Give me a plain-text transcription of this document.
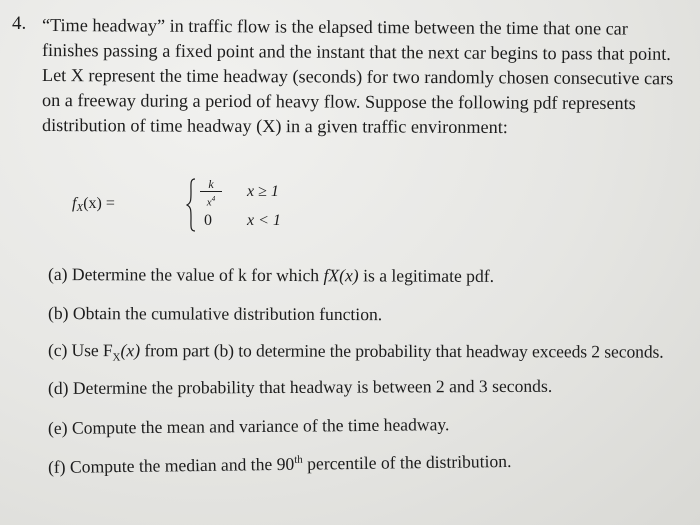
4. “Time headway” in traffic flow is the elapsed time between the time that one car
finishes passing a fixed point and the instant that the next car begins to pass that point.
Let X represent the time headway (seconds) for two randomly chosen consecutive cars
on a freeway during a period of heavy flow. Suppose the following pdf represents
distribution of time headway (X) in a given traffic environment:
$f_X(x)$ =	$\frac{k}{x^4}$ x ≥ 1
0 x < 1
(a) Determine the value of k for which fX(x) is a legitimate pdf.
(b) Obtain the cumulative distribution function.
(c) Use $F_X(x)$ from part (b) to determine the probability that headway exceeds 2 seconds.
(d) Determine the probability that headway is between 2 and 3 seconds.
(e) Compute the mean and variance of the time headway.
(f) Compute the median and the 90th percentile of the distribution.
